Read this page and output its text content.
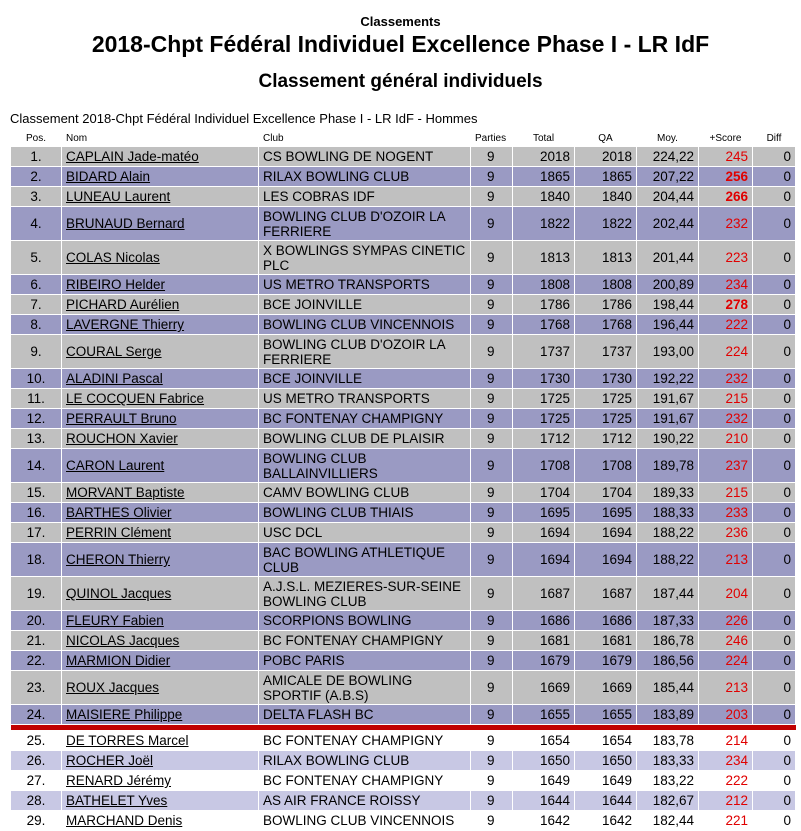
Classements
2018-Chpt Fédéral Individuel Excellence Phase I - LR IdF
Classement général individuels
Classement 2018-Chpt Fédéral Individuel Excellence Phase I - LR IdF - Hommes
Pos.	Nom	Club	Parties	Total	QA	Moy.	+Score	Diff
1.	CAPLAIN Jade-matéo	CS BOWLING DE NOGENT	9	2018	2018	224,22	245	0
2.	BIDARD Alain	RILAX BOWLING CLUB	9	1865	1865	207,22	256	0
3.	LUNEAU Laurent	LES COBRAS IDF	9	1840	1840	204,44	266	0
4.	BRUNAUD Bernard	BOWLING CLUB D'OZOIR LA FERRIERE	9	1822	1822	202,44	232	0
5.	COLAS Nicolas	X BOWLINGS SYMPAS CINETIC PLC	9	1813	1813	201,44	223	0
6.	RIBEIRO Helder	US METRO TRANSPORTS	9	1808	1808	200,89	234	0
7.	PICHARD Aurélien	BCE JOINVILLE	9	1786	1786	198,44	278	0
8.	LAVERGNE Thierry	BOWLING CLUB VINCENNOIS	9	1768	1768	196,44	222	0
9.	COURAL Serge	BOWLING CLUB D'OZOIR LA FERRIERE	9	1737	1737	193,00	224	0
10.	ALADINI Pascal	BCE JOINVILLE	9	1730	1730	192,22	232	0
11.	LE COCQUEN Fabrice	US METRO TRANSPORTS	9	1725	1725	191,67	215	0
12.	PERRAULT Bruno	BC FONTENAY CHAMPIGNY	9	1725	1725	191,67	232	0
13.	ROUCHON Xavier	BOWLING CLUB DE PLAISIR	9	1712	1712	190,22	210	0
14.	CARON Laurent	BOWLING CLUB BALLAINVILLIERS	9	1708	1708	189,78	237	0
15.	MORVANT Baptiste	CAMV BOWLING CLUB	9	1704	1704	189,33	215	0
16.	BARTHES Olivier	BOWLING CLUB THIAIS	9	1695	1695	188,33	233	0
17.	PERRIN Clément	USC DCL	9	1694	1694	188,22	236	0
18.	CHERON Thierry	BAC BOWLING ATHLETIQUE CLUB	9	1694	1694	188,22	213	0
19.	QUINOL Jacques	A.J.S.L. MEZIERES-SUR-SEINE BOWLING CLUB	9	1687	1687	187,44	204	0
20.	FLEURY Fabien	SCORPIONS BOWLING	9	1686	1686	187,33	226	0
21.	NICOLAS Jacques	BC FONTENAY CHAMPIGNY	9	1681	1681	186,78	246	0
22.	MARMION Didier	POBC PARIS	9	1679	1679	186,56	224	0
23.	ROUX Jacques	AMICALE DE BOWLING SPORTIF (A.B.S)	9	1669	1669	185,44	213	0
24.	MAISIERE Philippe	DELTA FLASH BC	9	1655	1655	183,89	203	0

25.	DE TORRES Marcel	BC FONTENAY CHAMPIGNY	9	1654	1654	183,78	214	0
26.	ROCHER Joël	RILAX BOWLING CLUB	9	1650	1650	183,33	234	0
27.	RENARD Jérémy	BC FONTENAY CHAMPIGNY	9	1649	1649	183,22	222	0
28.	BATHELET Yves	AS AIR FRANCE ROISSY	9	1644	1644	182,67	212	0
29.	MARCHAND Denis	BOWLING CLUB VINCENNOIS	9	1642	1642	182,44	221	0
